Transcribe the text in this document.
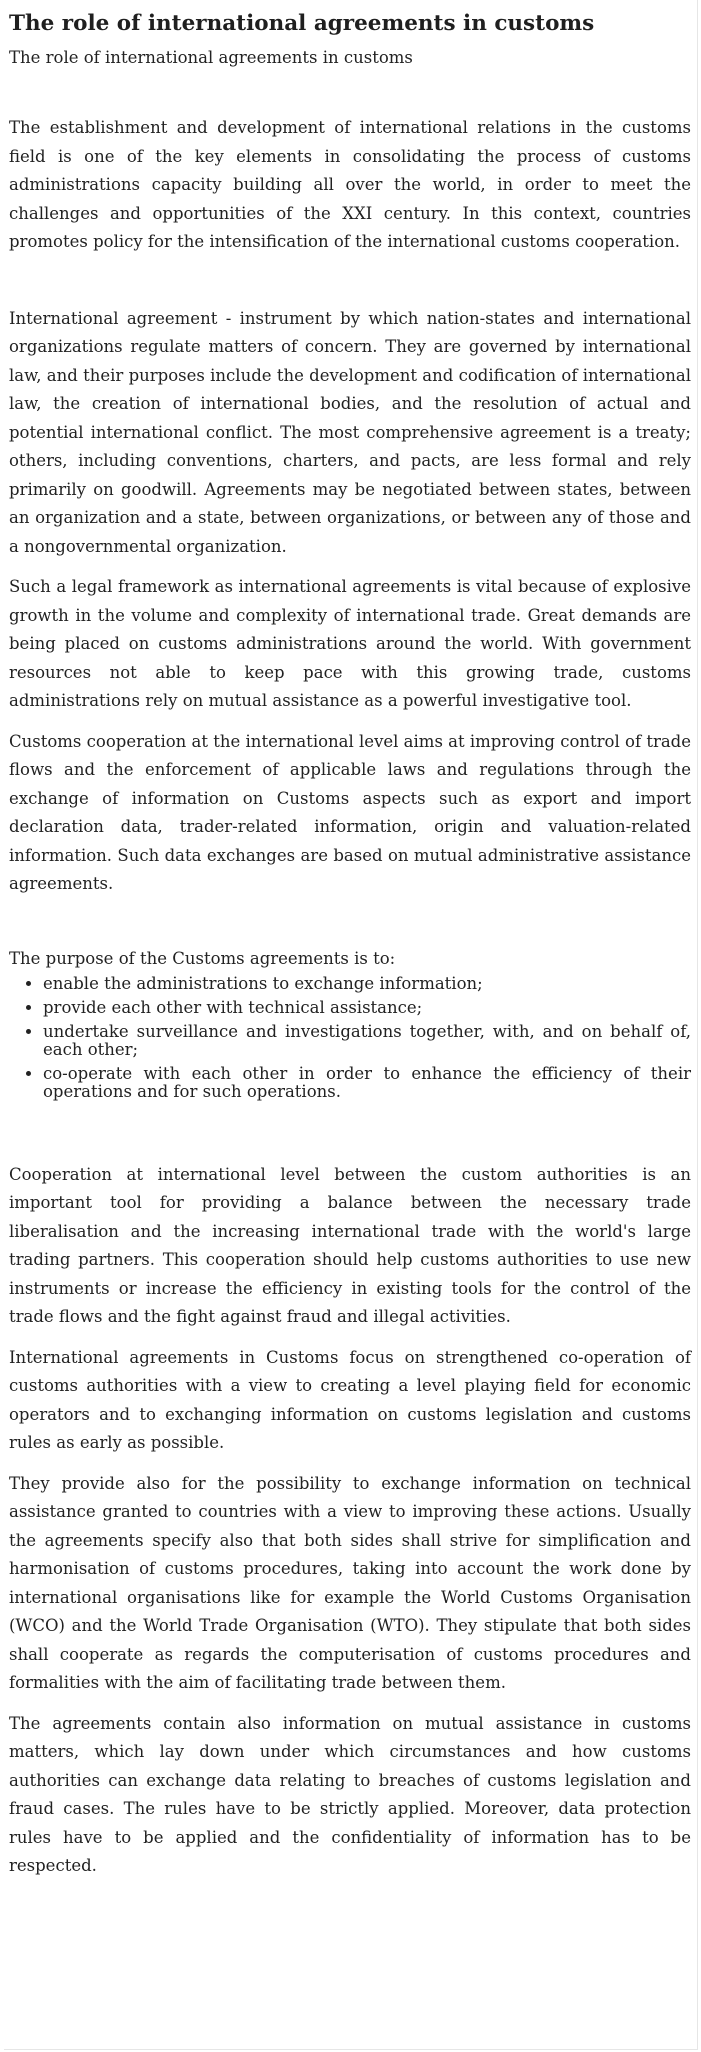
The role of international agreements in customs
The role of international agreements in customs

The establishment and development of international relations in the customs field is one of the key elements in consolidating the process of customs administrations capacity building all over the world, in order to meet the challenges and opportunities of the XXI century. In this context, countries promotes policy for the intensification of the international customs cooperation.

International agreement - instrument by which nation-states and international organizations regulate matters of concern. They are governed by international law, and their purposes include the development and codification of international law, the creation of international bodies, and the resolution of actual and potential international conflict. The most comprehensive agreement is a treaty; others, including conventions, charters, and pacts, are less formal and rely primarily on goodwill. Agreements may be negotiated between states, between an organization and a state, between organizations, or between any of those and a nongovernmental organization.

Such a legal framework as international agreements is vital because of explosive growth in the volume and complexity of international trade. Great demands are being placed on customs administrations around the world. With government resources not able to keep pace with this growing trade, customs administrations rely on mutual assistance as a powerful investigative tool.

Customs cooperation at the international level aims at improving control of trade flows and the enforcement of applicable laws and regulations through the exchange of information on Customs aspects such as export and import declaration data, trader-related information, origin and valuation-related information. Such data exchanges are based on mutual administrative assistance agreements.

The purpose of the Customs agreements is to:

• enable the administrations to exchange information;
• provide each other with technical assistance;
• undertake surveillance and investigations together, with, and on behalf of, each other;
• co-operate with each other in order to enhance the efficiency of their operations and for such operations.

Cooperation at international level between the custom authorities is an important tool for providing a balance between the necessary trade liberalisation and the increasing international trade with the world's large trading partners. This cooperation should help customs authorities to use new instruments or increase the efficiency in existing tools for the control of the trade flows and the fight against fraud and illegal activities.

International agreements in Customs focus on strengthened co-operation of customs authorities with a view to creating a level playing field for economic operators and to exchanging information on customs legislation and customs rules as early as possible.

They provide also for the possibility to exchange information on technical assistance granted to countries with a view to improving these actions. Usually the agreements specify also that both sides shall strive for simplification and harmonisation of customs procedures, taking into account the work done by international organisations like for example the World Customs Organisation (WCO) and the World Trade Organisation (WTO). They stipulate that both sides shall cooperate as regards the computerisation of customs procedures and formalities with the aim of facilitating trade between them.

The agreements contain also information on mutual assistance in customs matters, which lay down under which circumstances and how customs authorities can exchange data relating to breaches of customs legislation and fraud cases. The rules have to be strictly applied. Moreover, data protection rules have to be applied and the confidentiality of information has to be respected.
